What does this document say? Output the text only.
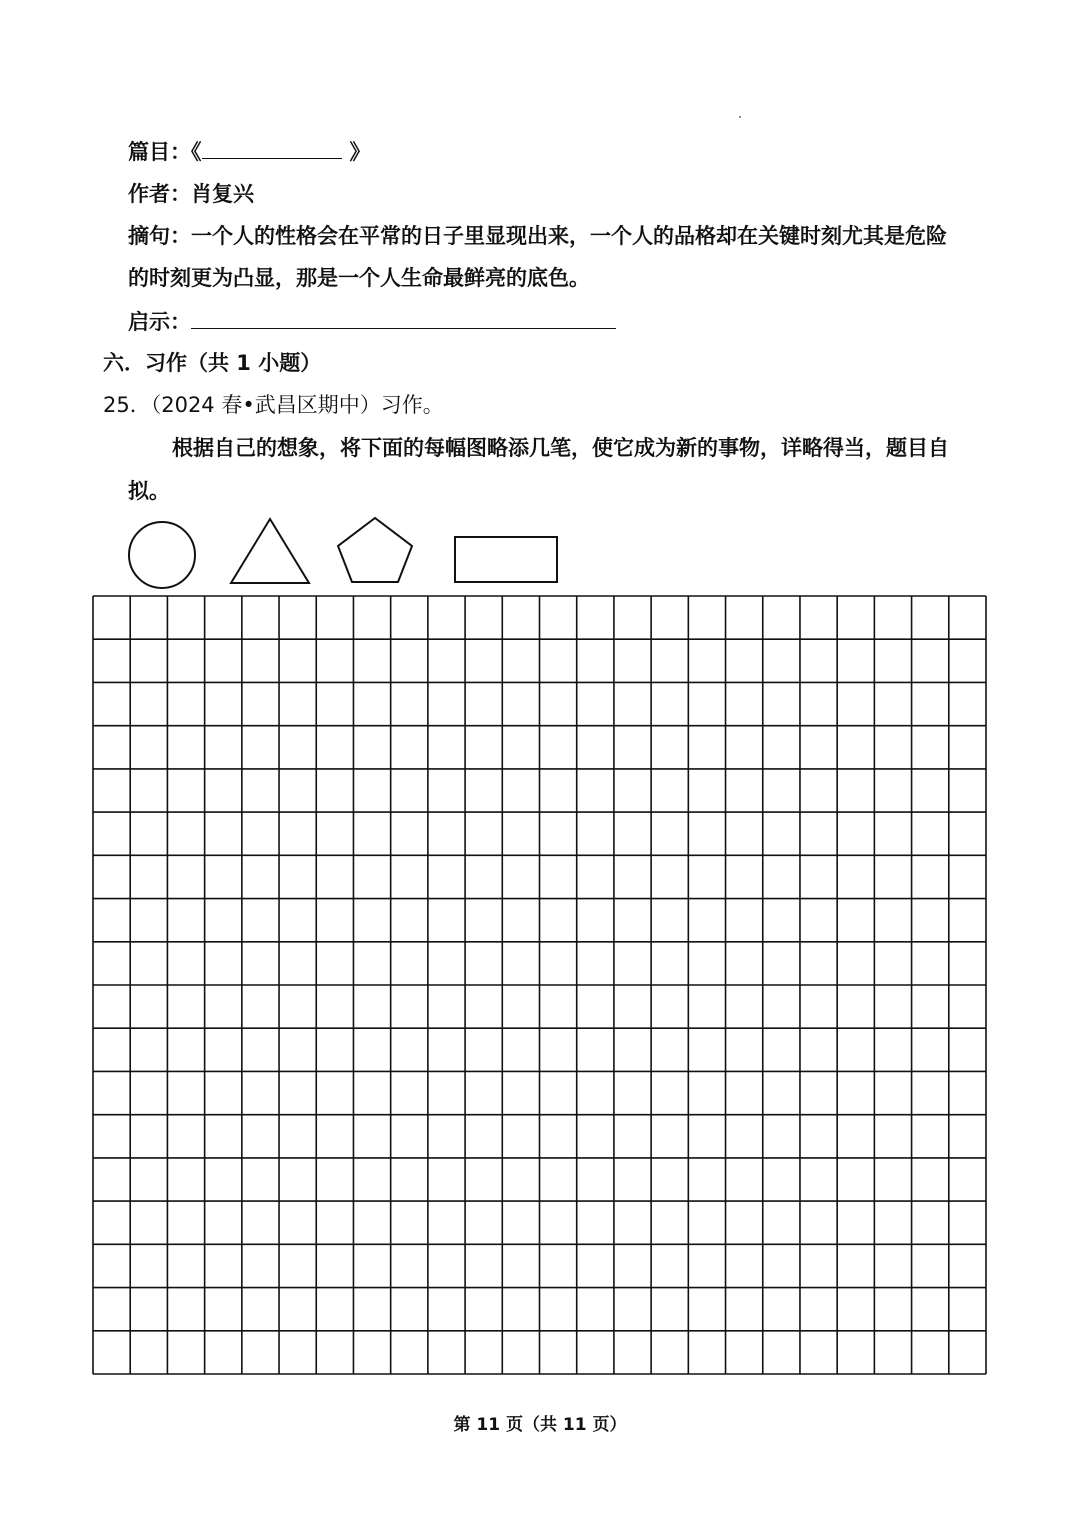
篇目：《	》
作者：肖复兴
摘句：一个人的性格会在平常的日子里显现出来，一个人的品格却在关键时刻尤其是危险
的时刻更为凸显，那是一个人生命最鲜亮的底色。
启示：
六．习作（共 1 小题）
25．（2024 春•武昌区期中）习作。
根据自己的想象，将下面的每幅图略添几笔，使它成为新的事物，详略得当，题目自
拟。
第 11 页（共 11 页）
